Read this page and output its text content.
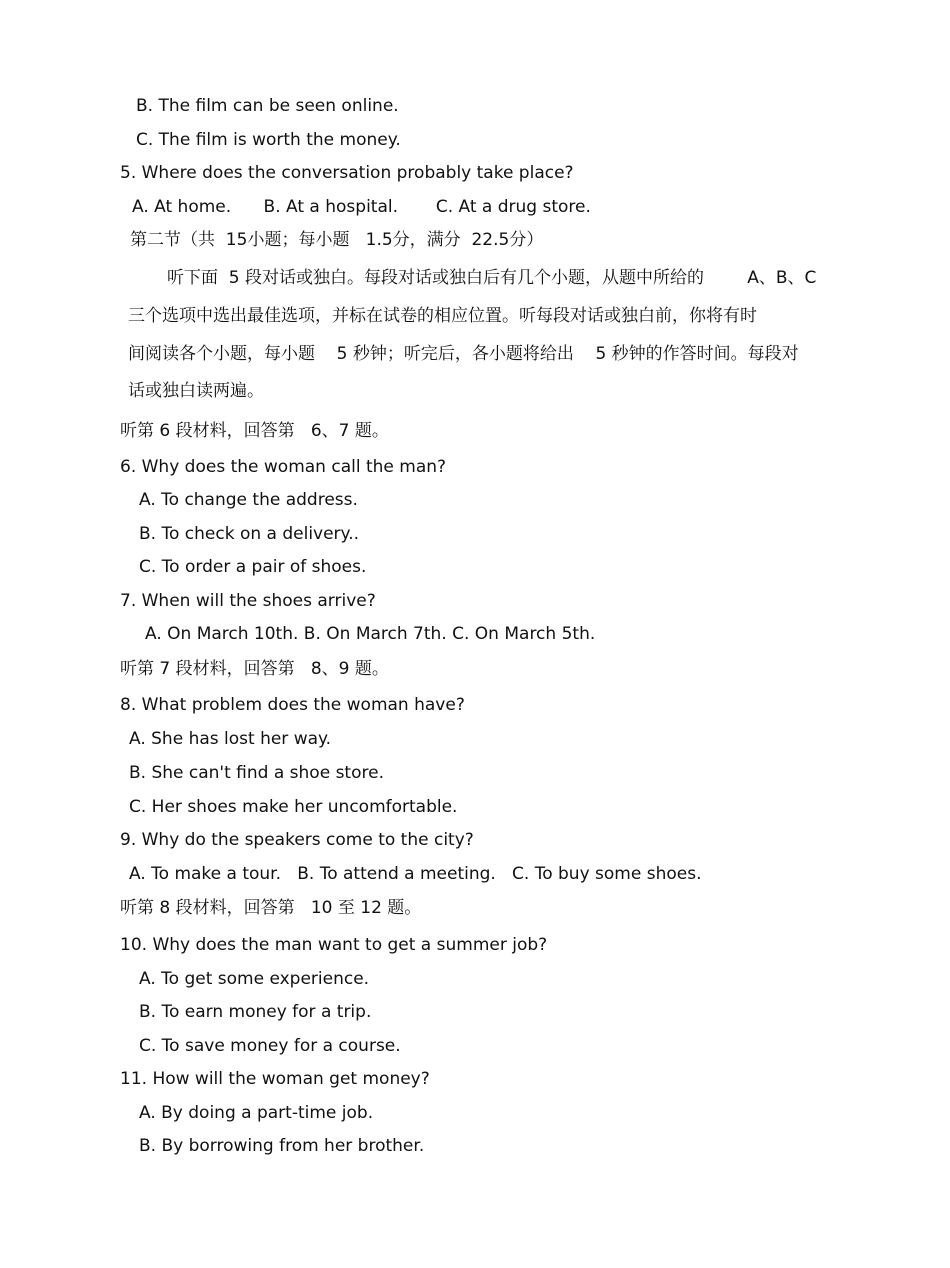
B. The film can be seen online.
C. The film is worth the money.
5. Where does the conversation probably take place?
A. At home.      B. At a hospital.       C. At a drug store.
第二节（共  15小题；每小题   1.5分，满分  22.5分）
听下面  5 段对话或独白。每段对话或独白后有几个小题，从题中所给的        A、B、C
三个选项中选出最佳选项，并标在试卷的相应位置。听每段对话或独白前，你将有时
间阅读各个小题，每小题    5 秒钟；听完后，各小题将给出    5 秒钟的作答时间。每段对
话或独白读两遍。
听第 6 段材料，回答第   6、7 题。
6. Why does the woman call the man?
A. To change the address.
B. To check on a delivery..
C. To order a pair of shoes.
7. When will the shoes arrive?
A. On March 10th. B. On March 7th. C. On March 5th.
听第 7 段材料，回答第   8、9 题。
8. What problem does the woman have?
A. She has lost her way.
B. She can't find a shoe store.
C. Her shoes make her uncomfortable.
9. Why do the speakers come to the city?
A. To make a tour.   B. To attend a meeting.   C. To buy some shoes.
听第 8 段材料，回答第   10 至 12 题。
10. Why does the man want to get a summer job?
A. To get some experience.
B. To earn money for a trip.
C. To save money for a course.
11. How will the woman get money?
A. By doing a part-time job.
B. By borrowing from her brother.
